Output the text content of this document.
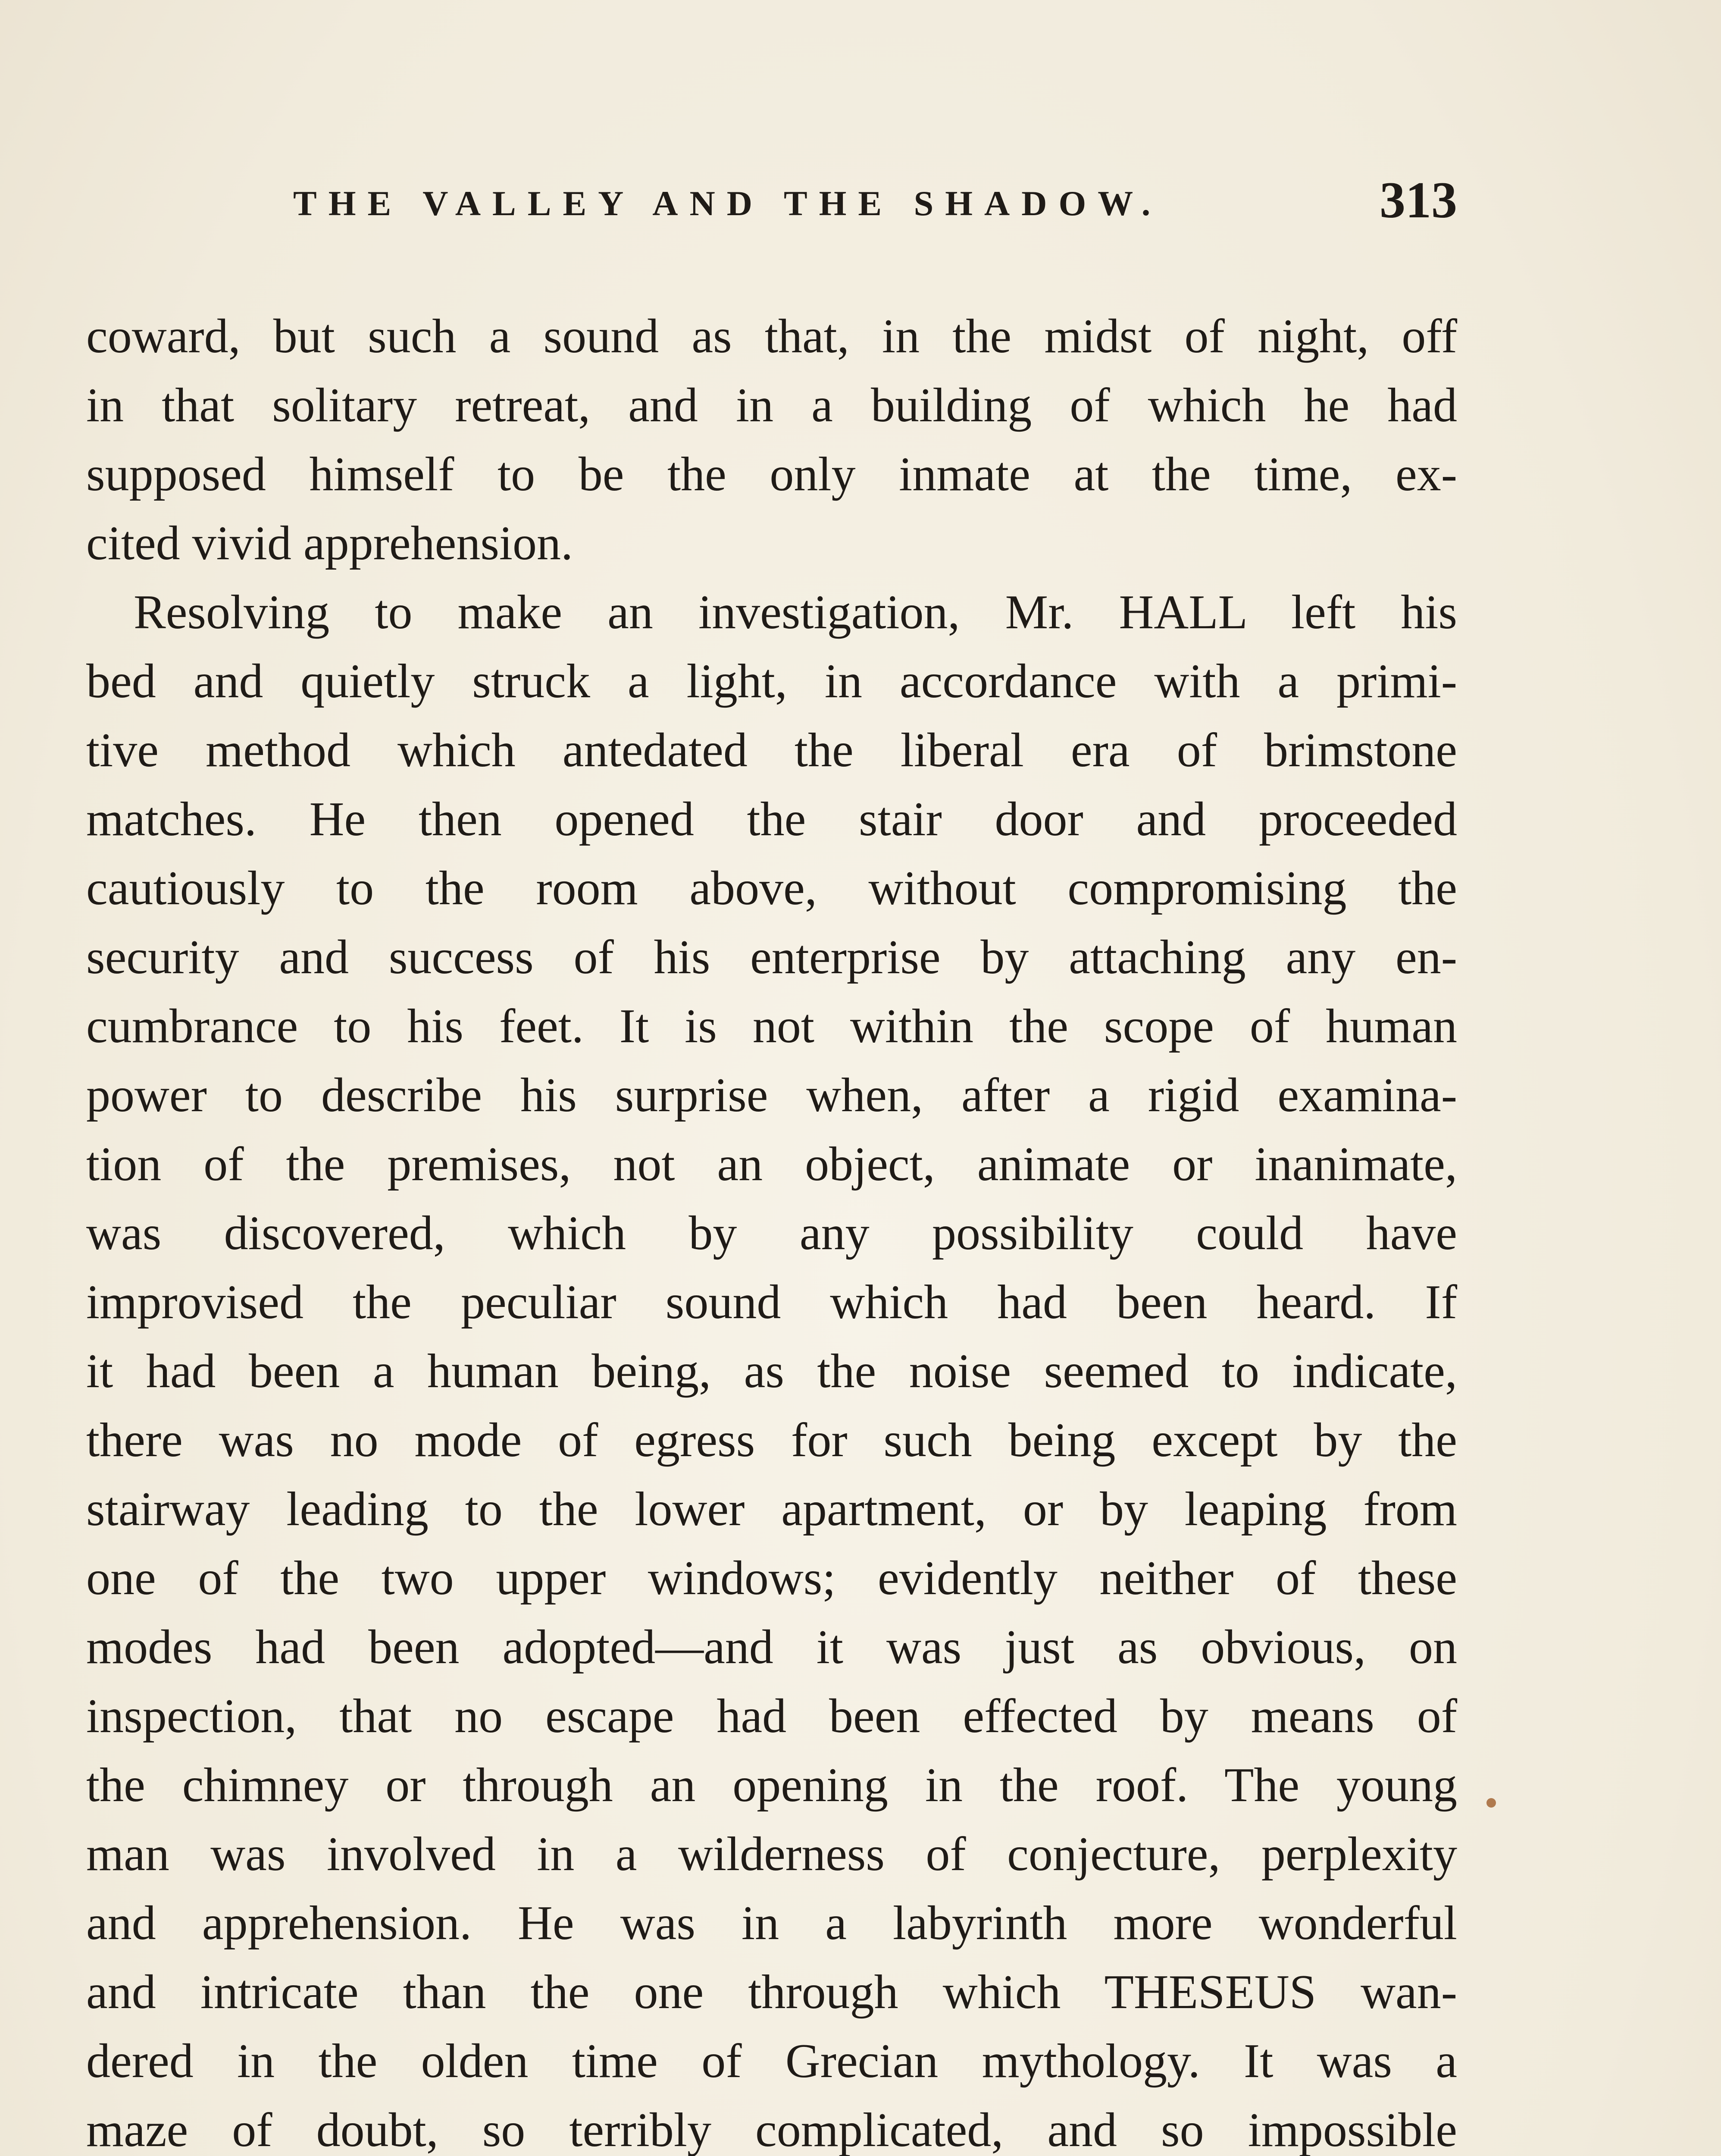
THE VALLEY AND THE SHADOW.	313
coward, but such a sound as that, in the midst of night, off
in that solitary retreat, and in a building of which he had
supposed himself to be the only inmate at the time, ex-
cited vivid apprehension.
Resolving to make an investigation, Mr. HALL left his
bed and quietly struck a light, in accordance with a primi-
tive method which antedated the liberal era of brimstone
matches. He then opened the stair door and proceeded
cautiously to the room above, without compromising the
security and success of his enterprise by attaching any en-
cumbrance to his feet. It is not within the scope of human
power to describe his surprise when, after a rigid examina-
tion of the premises, not an object, animate or inanimate,
was discovered, which by any possibility could have
improvised the peculiar sound which had been heard. If
it had been a human being, as the noise seemed to indicate,
there was no mode of egress for such being except by the
stairway leading to the lower apartment, or by leaping from
one of the two upper windows; evidently neither of these
modes had been adopted—and it was just as obvious, on
inspection, that no escape had been effected by means of
the chimney or through an opening in the roof. The young
man was involved in a wilderness of conjecture, perplexity
and apprehension. He was in a labyrinth more wonderful
and intricate than the one through which THESEUS wan-
dered in the olden time of Grecian mythology. It was a
maze of doubt, so terribly complicated, and so impossible
